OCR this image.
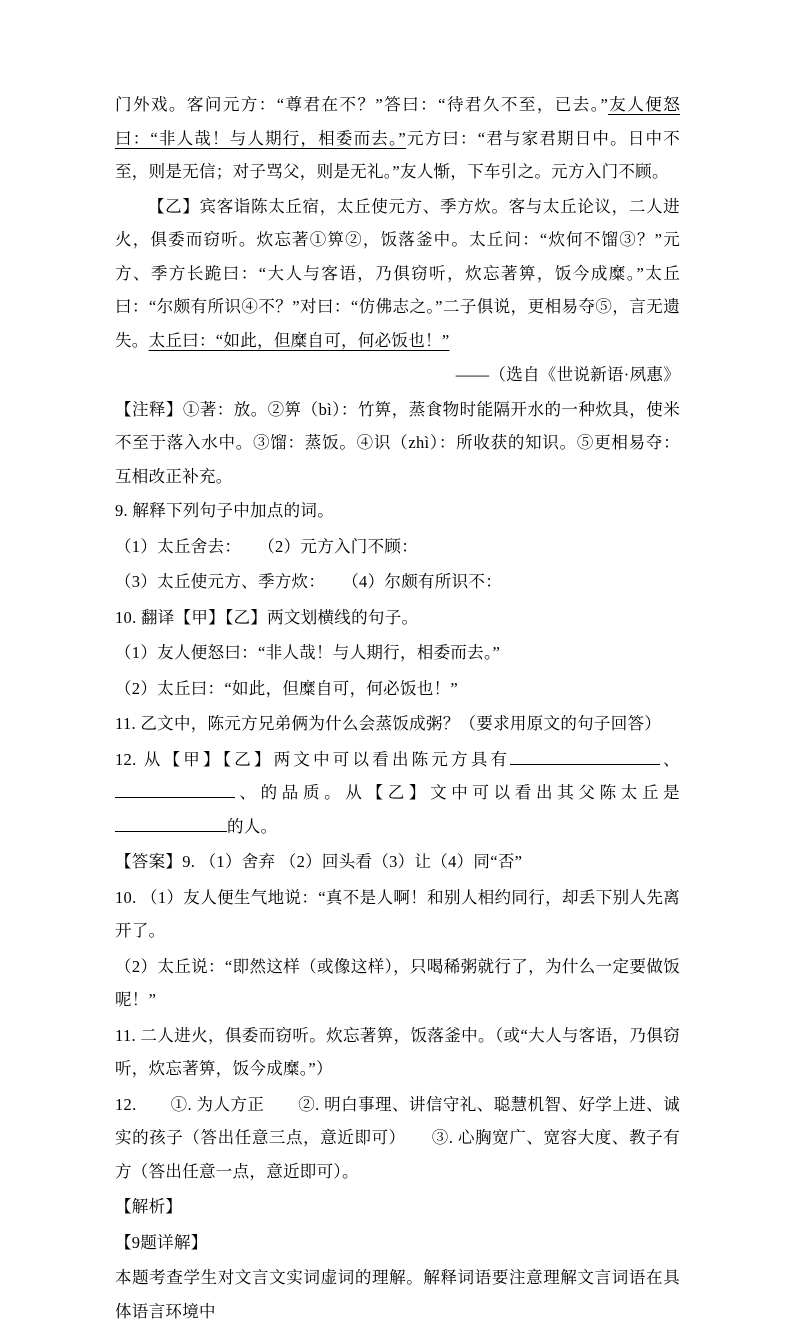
门外戏。客问元方：“尊君在不？”答曰：“待君久不至，已去。”友人便怒曰：“非人哉！与人期行，相委而去。”元方曰：“君与家君期日中。日中不至，则是无信；对子骂父，则是无礼。”友人惭，下车引之。元方入门不顾。

【乙】宾客诣陈太丘宿，太丘使元方、季方炊。客与太丘论议，二人进火，俱委而窃听。炊忘著①箅②，饭落釜中。太丘问：“炊何不馏③？”元方、季方长跪曰：“大人与客语，乃俱窃听，炊忘著箅，饭今成糜。”太丘曰：“尔颇有所识④不？”对曰：“仿佛志之。”二子俱说，更相易夺⑤，言无遗失。太丘曰：“如此，但糜自可，何必饭也！”

——（选自《世说新语·夙惠》

【注释】①著：放。②箅（bì）：竹箅，蒸食物时能隔开水的一种炊具，使米不至于落入水中。③馏：蒸饭。④识（zhì）：所收获的知识。⑤更相易夺：互相改正补充。

9. 解释下列句子中加点的词。

（1）太丘舍去：　　（2）元方入门不顾：

（3）太丘使元方、季方炊：　　（4）尔颇有所识不：

10. 翻译【甲】【乙】两文划横线的句子。

（1）友人便怒曰：“非人哉！与人期行，相委而去。”

（2）太丘曰：“如此，但糜自可，何必饭也！”

11. 乙文中，陈元方兄弟俩为什么会蒸饭成粥？（要求用原文的句子回答）

12. 从【甲】【乙】两文中可以看出陈元方具有	、、的品质。从【乙】文中可以看出其父陈太丘是的人。

【答案】9. （1）舍弃 （2）回头看（3）让（4）同“否”

10. （1）友人便生气地说：“真不是人啊！和别人相约同行，却丢下别人先离开了。

（2）太丘说：“即然这样（或像这样），只喝稀粥就行了，为什么一定要做饭呢！”

11. 二人进火，俱委而窃听。炊忘著箅，饭落釜中。（或“大人与客语，乃俱窃听，炊忘著箅，饭今成糜。”）

12.　　①. 为人方正　　②. 明白事理、讲信守礼、聪慧机智、好学上进、诚实的孩子（答出任意三点，意近即可）　　③. 心胸宽广、宽容大度、教子有方（答出任意一点，意近即可）。

【解析】

【9题详解】

本题考查学生对文言文实词虚词的理解。解释词语要注意理解文言词语在具体语言环境中
